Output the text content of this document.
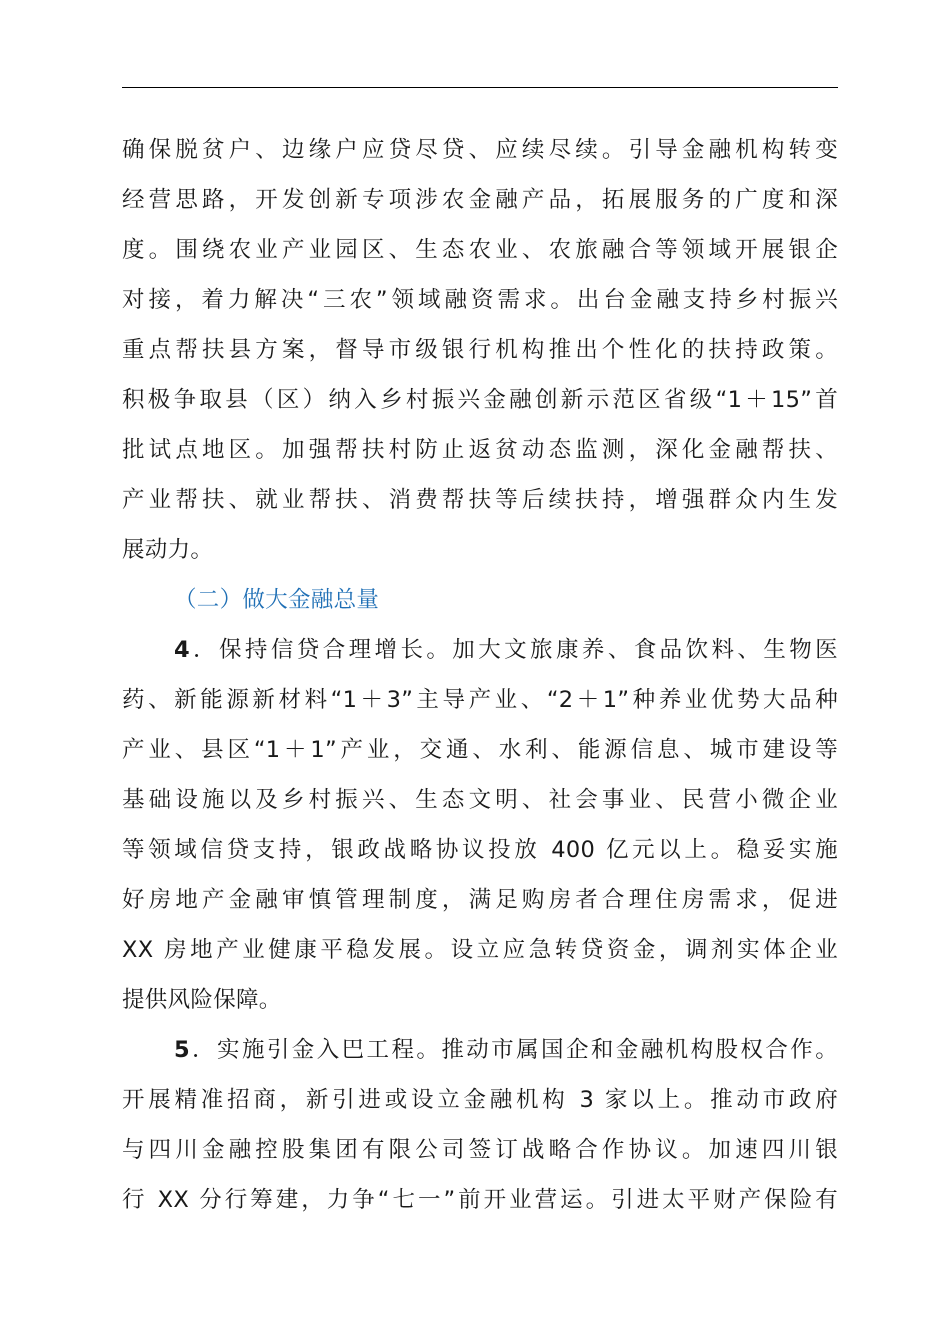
确保脱贫户、边缘户应贷尽贷、应续尽续。引导金融机构转变
经营思路，开发创新专项涉农金融产品，拓展服务的广度和深
度。围绕农业产业园区、生态农业、农旅融合等领域开展银企
对接，着力解决“三农”领域融资需求。出台金融支持乡村振兴
重点帮扶县方案，督导市级银行机构推出个性化的扶持政策。
积极争取县（区）纳入乡村振兴金融创新示范区省级“1＋15”首
批试点地区。加强帮扶村防止返贫动态监测，深化金融帮扶、
产业帮扶、就业帮扶、消费帮扶等后续扶持，增强群众内生发
展动力。
（二）做大金融总量
4．保持信贷合理增长。加大文旅康养、食品饮料、生物医
药、新能源新材料“1＋3”主导产业、“2＋1”种养业优势大品种
产业、县区“1＋1”产业，交通、水利、能源信息、城市建设等
基础设施以及乡村振兴、生态文明、社会事业、民营小微企业
等领域信贷支持，银政战略协议投放 400 亿元以上。稳妥实施
好房地产金融审慎管理制度，满足购房者合理住房需求，促进
XX 房地产业健康平稳发展。设立应急转贷资金，调剂实体企业
提供风险保障。
5．实施引金入巴工程。推动市属国企和金融机构股权合作。
开展精准招商，新引进或设立金融机构 3 家以上。推动市政府
与四川金融控股集团有限公司签订战略合作协议。加速四川银
行 XX 分行筹建，力争“七一”前开业营运。引进太平财产保险有
